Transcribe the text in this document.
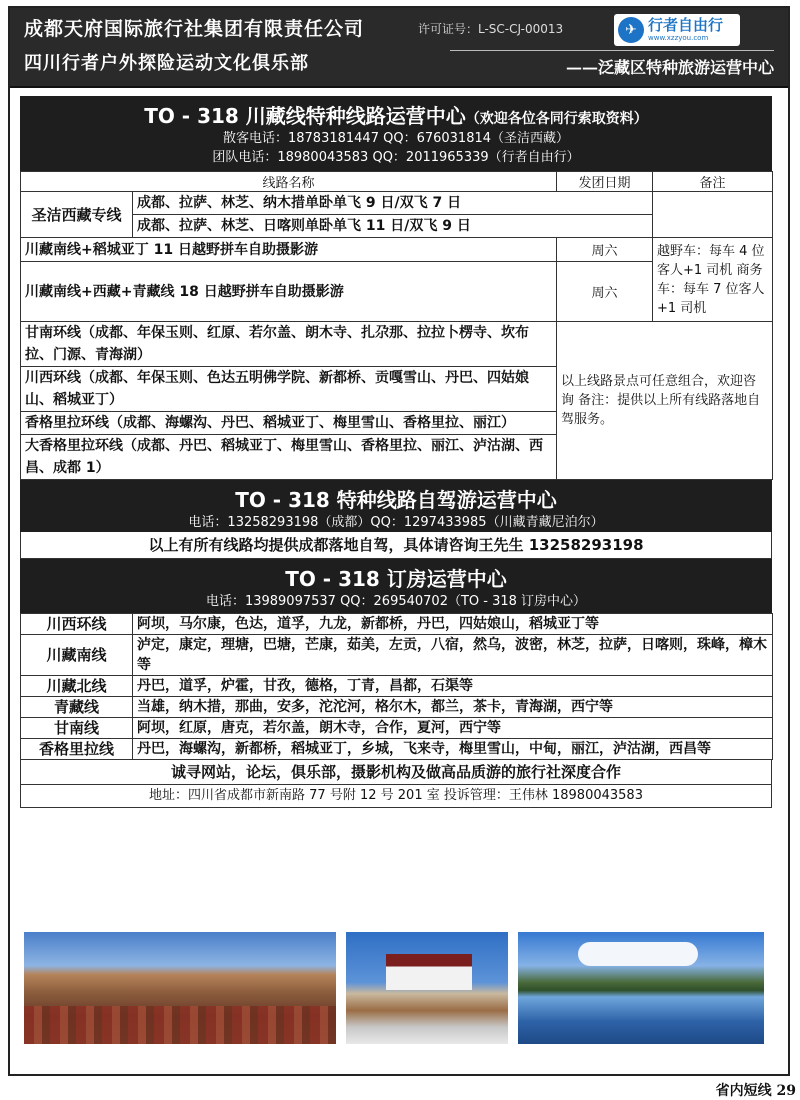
成都天府国际旅行社集团有限责任公司	许可证号：L-SC-CJ-00013	✈ 行者自由行
www.xzzyou.com
四川行者户外探险运动文化俱乐部	——泛藏区特种旅游运营中心
TO - 318 川藏线特种线路运营中心（欢迎各位各同行索取资料）
散客电话：18783181447 QQ：676031814（圣洁西藏）
团队电话：18980043583 QQ：2011965339（行者自由行）
线路名称		发团日期	备注
圣洁西藏专线	成都、拉萨、林芝、纳木措单卧单飞 9 日/双飞 7 日		
	成都、拉萨、林芝、日喀则单卧单飞 11 日/双飞 9 日		
川藏南线+稻城亚丁 11 日越野拼车自助摄影游		周六	越野车：每车 4 位客人+1 司机 商务车：每车 7 位客人+1 司机
川藏南线+西藏+青藏线 18 日越野拼车自助摄影游		周六	
甘南环线（成都、年保玉则、红原、若尔盖、朗木寺、扎尕那、拉拉卜楞寺、坎布拉、门源、青海湖）		以上线路景点可任意组合，欢迎咨询 备注：提供以上所有线路落地自驾服务。	
川西环线（成都、年保玉则、色达五明佛学院、新都桥、贡嘎雪山、丹巴、四姑娘山、稻城亚丁）			
香格里拉环线（成都、海螺沟、丹巴、稻城亚丁、梅里雪山、香格里拉、丽江）			
大香格里拉环线（成都、丹巴、稻城亚丁、梅里雪山、香格里拉、丽江、泸沽湖、西昌、成都 1）			
TO - 318 特种线路自驾游运营中心
电话：13258293198（成都）QQ：1297433985（川藏青藏尼泊尔）
以上有所有线路均提供成都落地自驾，具体请咨询王先生 13258293198
TO - 318 订房运营中心
电话：13989097537 QQ：269540702（TO - 318 订房中心）
川西环线	阿坝，马尔康，色达，道孚，九龙，新都桥，丹巴，四姑娘山，稻城亚丁等
川藏南线	泸定，康定，理塘，巴塘，芒康，茹美，左贡，八宿，然乌，波密，林芝，拉萨，日喀则，珠峰，樟木等
川藏北线	丹巴，道孚，炉霍，甘孜，德格，丁青，昌都，石渠等
青藏线	当雄，纳木措，那曲，安多，沱沱河，格尔木，都兰，茶卡，青海湖，西宁等
甘南线	阿坝，红原，唐克，若尔盖，朗木寺，合作，夏河，西宁等
香格里拉线	丹巴，海螺沟，新都桥，稻城亚丁，乡城，飞来寺，梅里雪山，中甸，丽江，泸沽湖，西昌等
诚寻网站，论坛，俱乐部，摄影机构及做高品质游的旅行社深度合作
地址：四川省成都市新南路 77 号附 12 号 201 室 投诉管理：王伟林 18980043583
省内短线 29
